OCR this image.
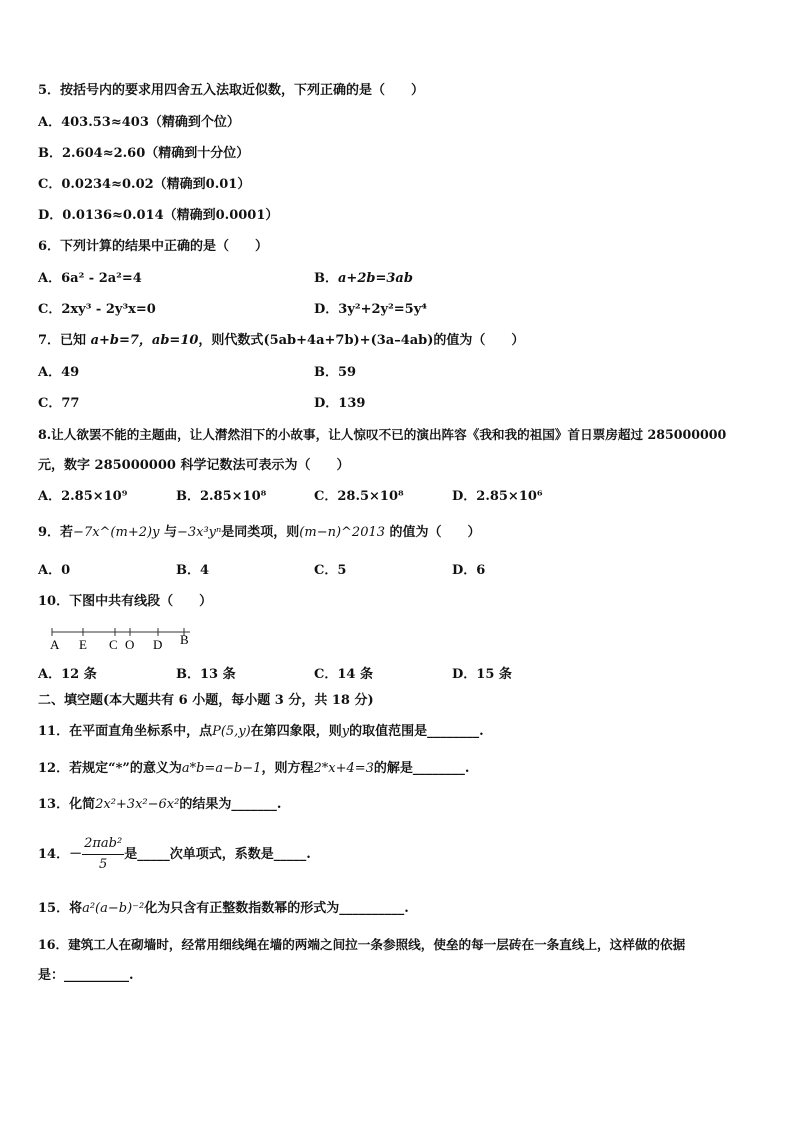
5．按括号内的要求用四舍五入法取近似数，下列正确的是（　　）
A．403.53≈403（精确到个位）
B．2.604≈2.60（精确到十分位）
C．0.0234≈0.02（精确到0.01）
D．0.0136≈0.014（精确到0.0001）
6．下列计算的结果中正确的是（　　）
A．6a² - 2a²=4	B．a+2b=3ab
C．2xy³ - 2y³x=0	D．3y²+2y²=5y⁴
7．已知 a+b=7，ab=10，则代数式(5ab+4a+7b)+(3a–4ab)的值为（　　）
A．49	B．59
C．77	D．139
8.让人欲罢不能的主题曲，让人潸然泪下的小故事，让人惊叹不已的演出阵容《我和我的祖国》首日票房超过 285000000
元，数字 285000000 科学记数法可表示为（　　）
A．2.85×10⁹	B．2.85×10⁸	C．28.5×10⁸	D．2.85×10⁶
9．若−7x^(m+2)y 与−3x³yⁿ是同类项，则(m−n)^2013 的值为（　　）
A．0	B．4	C．5	D．6
10．下图中共有线段（　　）
A E C O D B
A．12 条	B．13 条	C．14 条	D．15 条
二、填空题(本大题共有 6 小题，每小题 3 分，共 18 分)
11．在平面直角坐标系中，点P(5,y)在第四象限，则y的取值范围是________.
12．若规定“*”的意义为a*b=a−b−1，则方程2*x+4=3的解是________.
13．化简2x²+3x²−6x²的结果为_______.
14．－ $\frac{\text{2πab²}}{5}$ 是_____次单项式，系数是_____.
15．将a²(a−b)⁻²化为只含有正整数指数幂的形式为__________.
16．建筑工人在砌墙时，经常用细线绳在墙的两端之间拉一条参照线，使垒的每一层砖在一条直线上，这样做的依据
是：__________.
